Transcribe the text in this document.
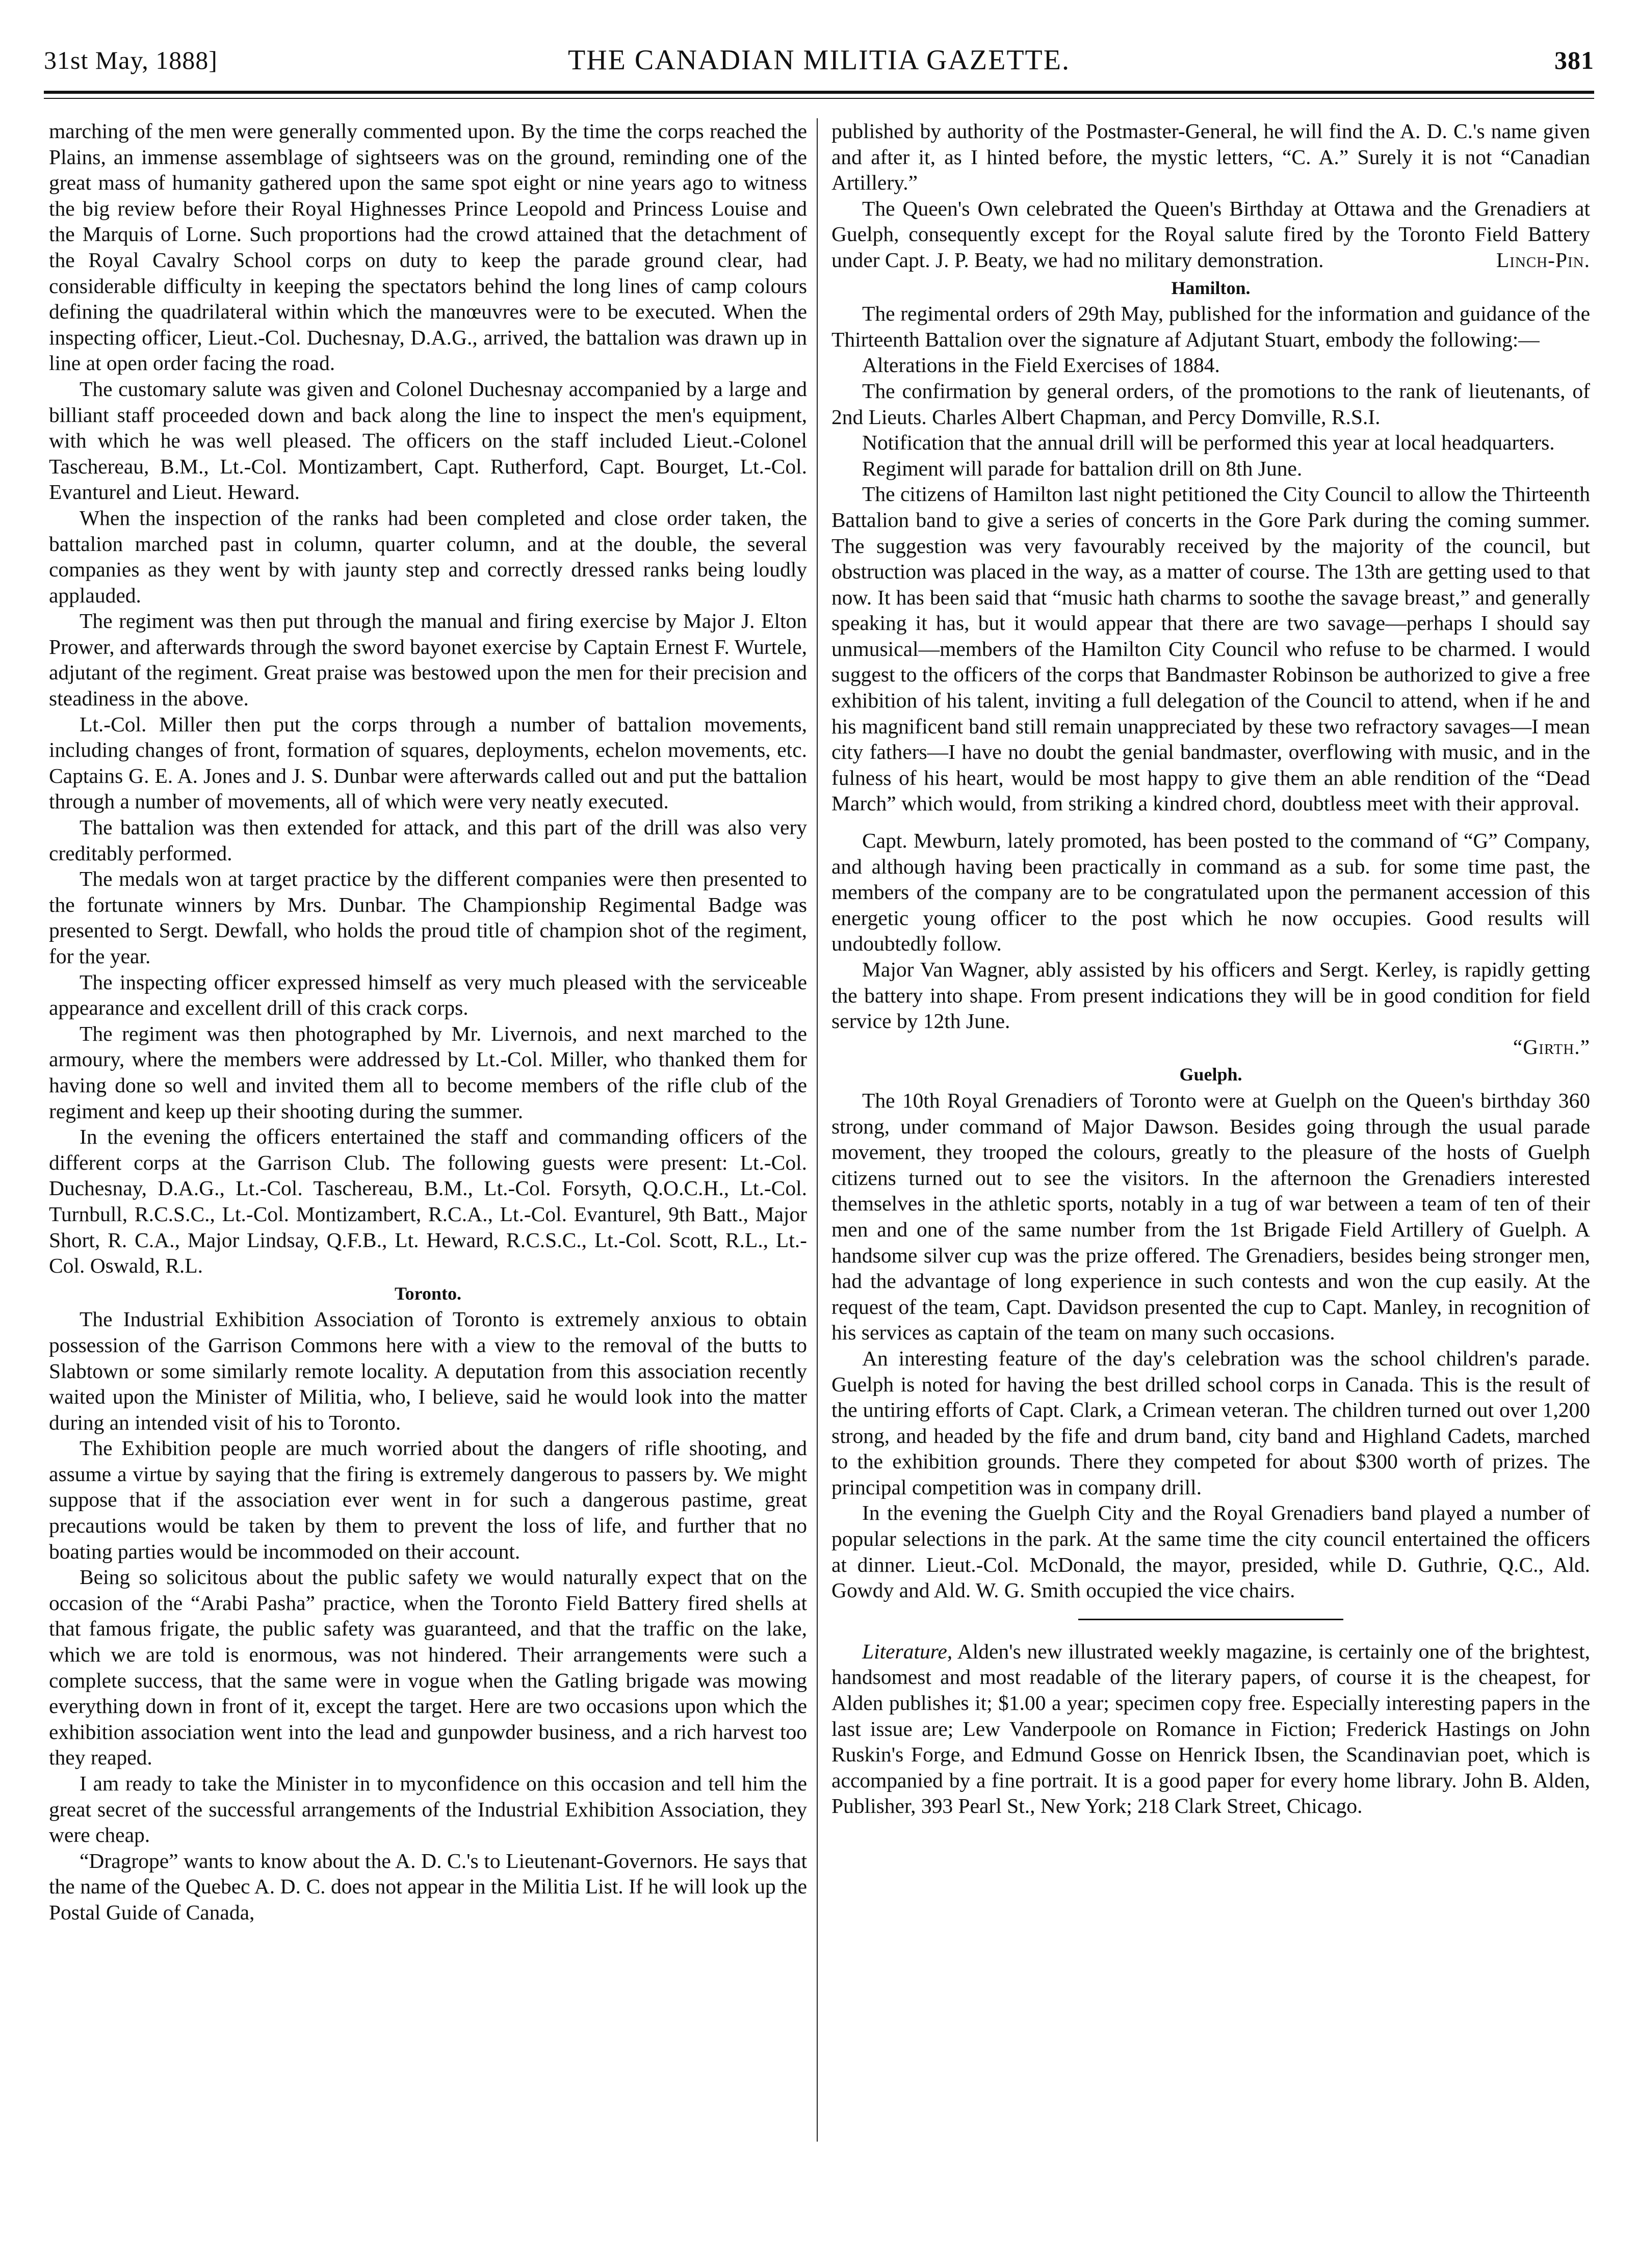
31st May, 1888]	THE CANADIAN MILITIA GAZETTE.	381

marching of the men were generally commented upon. By the time the corps reached the Plains, an immense assemblage of sightseers was on the ground, reminding one of the great mass of humanity gathered upon the same spot eight or nine years ago to witness the big review before their Royal Highnesses Prince Leopold and Princess Louise and the Marquis of Lorne. Such proportions had the crowd attained that the detachment of the Royal Cavalry School corps on duty to keep the parade ground clear, had considerable difficulty in keeping the spectators behind the long lines of camp colours defining the quadrilateral within which the manœuvres were to be executed. When the inspecting officer, Lieut.-Col. Duchesnay, D.A.G., arrived, the battalion was drawn up in line at open order facing the road.

The customary salute was given and Colonel Duchesnay accompanied by a large and billiant staff proceeded down and back along the line to inspect the men's equipment, with which he was well pleased. The officers on the staff included Lieut.-Colonel Taschereau, B.M., Lt.-Col. Montizambert, Capt. Rutherford, Capt. Bourget, Lt.-Col. Evanturel and Lieut. Heward.

When the inspection of the ranks had been completed and close order taken, the battalion marched past in column, quarter column, and at the double, the several companies as they went by with jaunty step and correctly dressed ranks being loudly applauded.

The regiment was then put through the manual and firing exercise by Major J. Elton Prower, and afterwards through the sword bayonet exercise by Captain Ernest F. Wurtele, adjutant of the regiment. Great praise was bestowed upon the men for their precision and steadiness in the above.

Lt.-Col. Miller then put the corps through a number of battalion movements, including changes of front, formation of squares, deployments, echelon movements, etc. Captains G. E. A. Jones and J. S. Dunbar were afterwards called out and put the battalion through a number of movements, all of which were very neatly executed.

The battalion was then extended for attack, and this part of the drill was also very creditably performed.

The medals won at target practice by the different companies were then presented to the fortunate winners by Mrs. Dunbar. The Championship Regimental Badge was presented to Sergt. Dewfall, who holds the proud title of champion shot of the regiment, for the year.

The inspecting officer expressed himself as very much pleased with the serviceable appearance and excellent drill of this crack corps.

The regiment was then photographed by Mr. Livernois, and next marched to the armoury, where the members were addressed by Lt.-Col. Miller, who thanked them for having done so well and invited them all to become members of the rifle club of the regiment and keep up their shooting during the summer.

In the evening the officers entertained the staff and commanding officers of the different corps at the Garrison Club. The following guests were present: Lt.-Col. Duchesnay, D.A.G., Lt.-Col. Taschereau, B.M., Lt.-Col. Forsyth, Q.O.C.H., Lt.-Col. Turnbull, R.C.S.C., Lt.-Col. Montizambert, R.C.A., Lt.-Col. Evanturel, 9th Batt., Major Short, R. C.A., Major Lindsay, Q.F.B., Lt. Heward, R.C.S.C., Lt.-Col. Scott, R.L., Lt.-Col. Oswald, R.L.

Toronto.

The Industrial Exhibition Association of Toronto is extremely anxious to obtain possession of the Garrison Commons here with a view to the removal of the butts to Slabtown or some similarly remote locality. A deputation from this association recently waited upon the Minister of Militia, who, I believe, said he would look into the matter during an intended visit of his to Toronto.

The Exhibition people are much worried about the dangers of rifle shooting, and assume a virtue by saying that the firing is extremely dangerous to passers by. We might suppose that if the association ever went in for such a dangerous pastime, great precautions would be taken by them to prevent the loss of life, and further that no boating parties would be incommoded on their account.

Being so solicitous about the public safety we would naturally expect that on the occasion of the “Arabi Pasha” practice, when the Toronto Field Battery fired shells at that famous frigate, the public safety was guaranteed, and that the traffic on the lake, which we are told is enormous, was not hindered. Their arrangements were such a complete success, that the same were in vogue when the Gatling brigade was mowing everything down in front of it, except the target. Here are two occasions upon which the exhibition association went into the lead and gunpowder business, and a rich harvest too they reaped.

I am ready to take the Minister in to myconfidence on this occasion and tell him the great secret of the successful arrangements of the Industrial Exhibition Association, they were cheap.

“Dragrope” wants to know about the A. D. C.'s to Lieutenant-Governors. He says that the name of the Quebec A. D. C. does not appear in the Militia List. If he will look up the Postal Guide of Canada,

published by authority of the Postmaster-General, he will find the A. D. C.'s name given and after it, as I hinted before, the mystic letters, “C. A.” Surely it is not “Canadian Artillery.”

The Queen's Own celebrated the Queen's Birthday at Ottawa and the Grenadiers at Guelph, consequently except for the Royal salute fired by the Toronto Field Battery under Capt. J. P. Beaty, we had no military demonstration.	Linch-Pin.

Hamilton.

The regimental orders of 29th May, published for the information and guidance of the Thirteenth Battalion over the signature af Adjutant Stuart, embody the following:—

Alterations in the Field Exercises of 1884.

The confirmation by general orders, of the promotions to the rank of lieutenants, of 2nd Lieuts. Charles Albert Chapman, and Percy Domville, R.S.I.

Notification that the annual drill will be performed this year at local headquarters.

Regiment will parade for battalion drill on 8th June.

The citizens of Hamilton last night petitioned the City Council to allow the Thirteenth Battalion band to give a series of concerts in the Gore Park during the coming summer. The suggestion was very favourably received by the majority of the council, but obstruction was placed in the way, as a matter of course. The 13th are getting used to that now. It has been said that “music hath charms to soothe the savage breast,” and generally speaking it has, but it would appear that there are two savage—perhaps I should say unmusical—members of the Hamilton City Council who refuse to be charmed. I would suggest to the officers of the corps that Bandmaster Robinson be authorized to give a free exhibition of his talent, inviting a full delegation of the Council to attend, when if he and his magnificent band still remain unappreciated by these two refractory savages—I mean city fathers—I have no doubt the genial bandmaster, overflowing with music, and in the fulness of his heart, would be most happy to give them an able rendition of the “Dead March” which would, from striking a kindred chord, doubtless meet with their approval.

Capt. Mewburn, lately promoted, has been posted to the command of “G” Company, and although having been practically in command as a sub. for some time past, the members of the company are to be congratulated upon the permanent accession of this energetic young officer to the post which he now occupies. Good results will undoubtedly follow.

Major Van Wagner, ably assisted by his officers and Sergt. Kerley, is rapidly getting the battery into shape. From present indications they will be in good condition for field service by 12th June.

“Girth.”

Guelph.

The 10th Royal Grenadiers of Toronto were at Guelph on the Queen's birthday 360 strong, under command of Major Dawson. Besides going through the usual parade movement, they trooped the colours, greatly to the pleasure of the hosts of Guelph citizens turned out to see the visitors. In the afternoon the Grenadiers interested themselves in the athletic sports, notably in a tug of war between a team of ten of their men and one of the same number from the 1st Brigade Field Artillery of Guelph. A handsome silver cup was the prize offered. The Grenadiers, besides being stronger men, had the advantage of long experience in such contests and won the cup easily. At the request of the team, Capt. Davidson presented the cup to Capt. Manley, in recognition of his services as captain of the team on many such occasions.

An interesting feature of the day's celebration was the school children's parade. Guelph is noted for having the best drilled school corps in Canada. This is the result of the untiring efforts of Capt. Clark, a Crimean veteran. The children turned out over 1,200 strong, and headed by the fife and drum band, city band and Highland Cadets, marched to the exhibition grounds. There they competed for about $300 worth of prizes. The principal competition was in company drill.

In the evening the Guelph City and the Royal Grenadiers band played a number of popular selections in the park. At the same time the city council entertained the officers at dinner. Lieut.-Col. McDonald, the mayor, presided, while D. Guthrie, Q.C., Ald. Gowdy and Ald. W. G. Smith occupied the vice chairs.

Literature, Alden's new illustrated weekly magazine, is certainly one of the brightest, handsomest and most readable of the literary papers, of course it is the cheapest, for Alden publishes it; $1.00 a year; specimen copy free. Especially interesting papers in the last issue are; Lew Vanderpoole on Romance in Fiction; Frederick Hastings on John Ruskin's Forge, and Edmund Gosse on Henrick Ibsen, the Scandinavian poet, which is accompanied by a fine portrait. It is a good paper for every home library. John B. Alden, Publisher, 393 Pearl St., New York; 218 Clark Street, Chicago.
